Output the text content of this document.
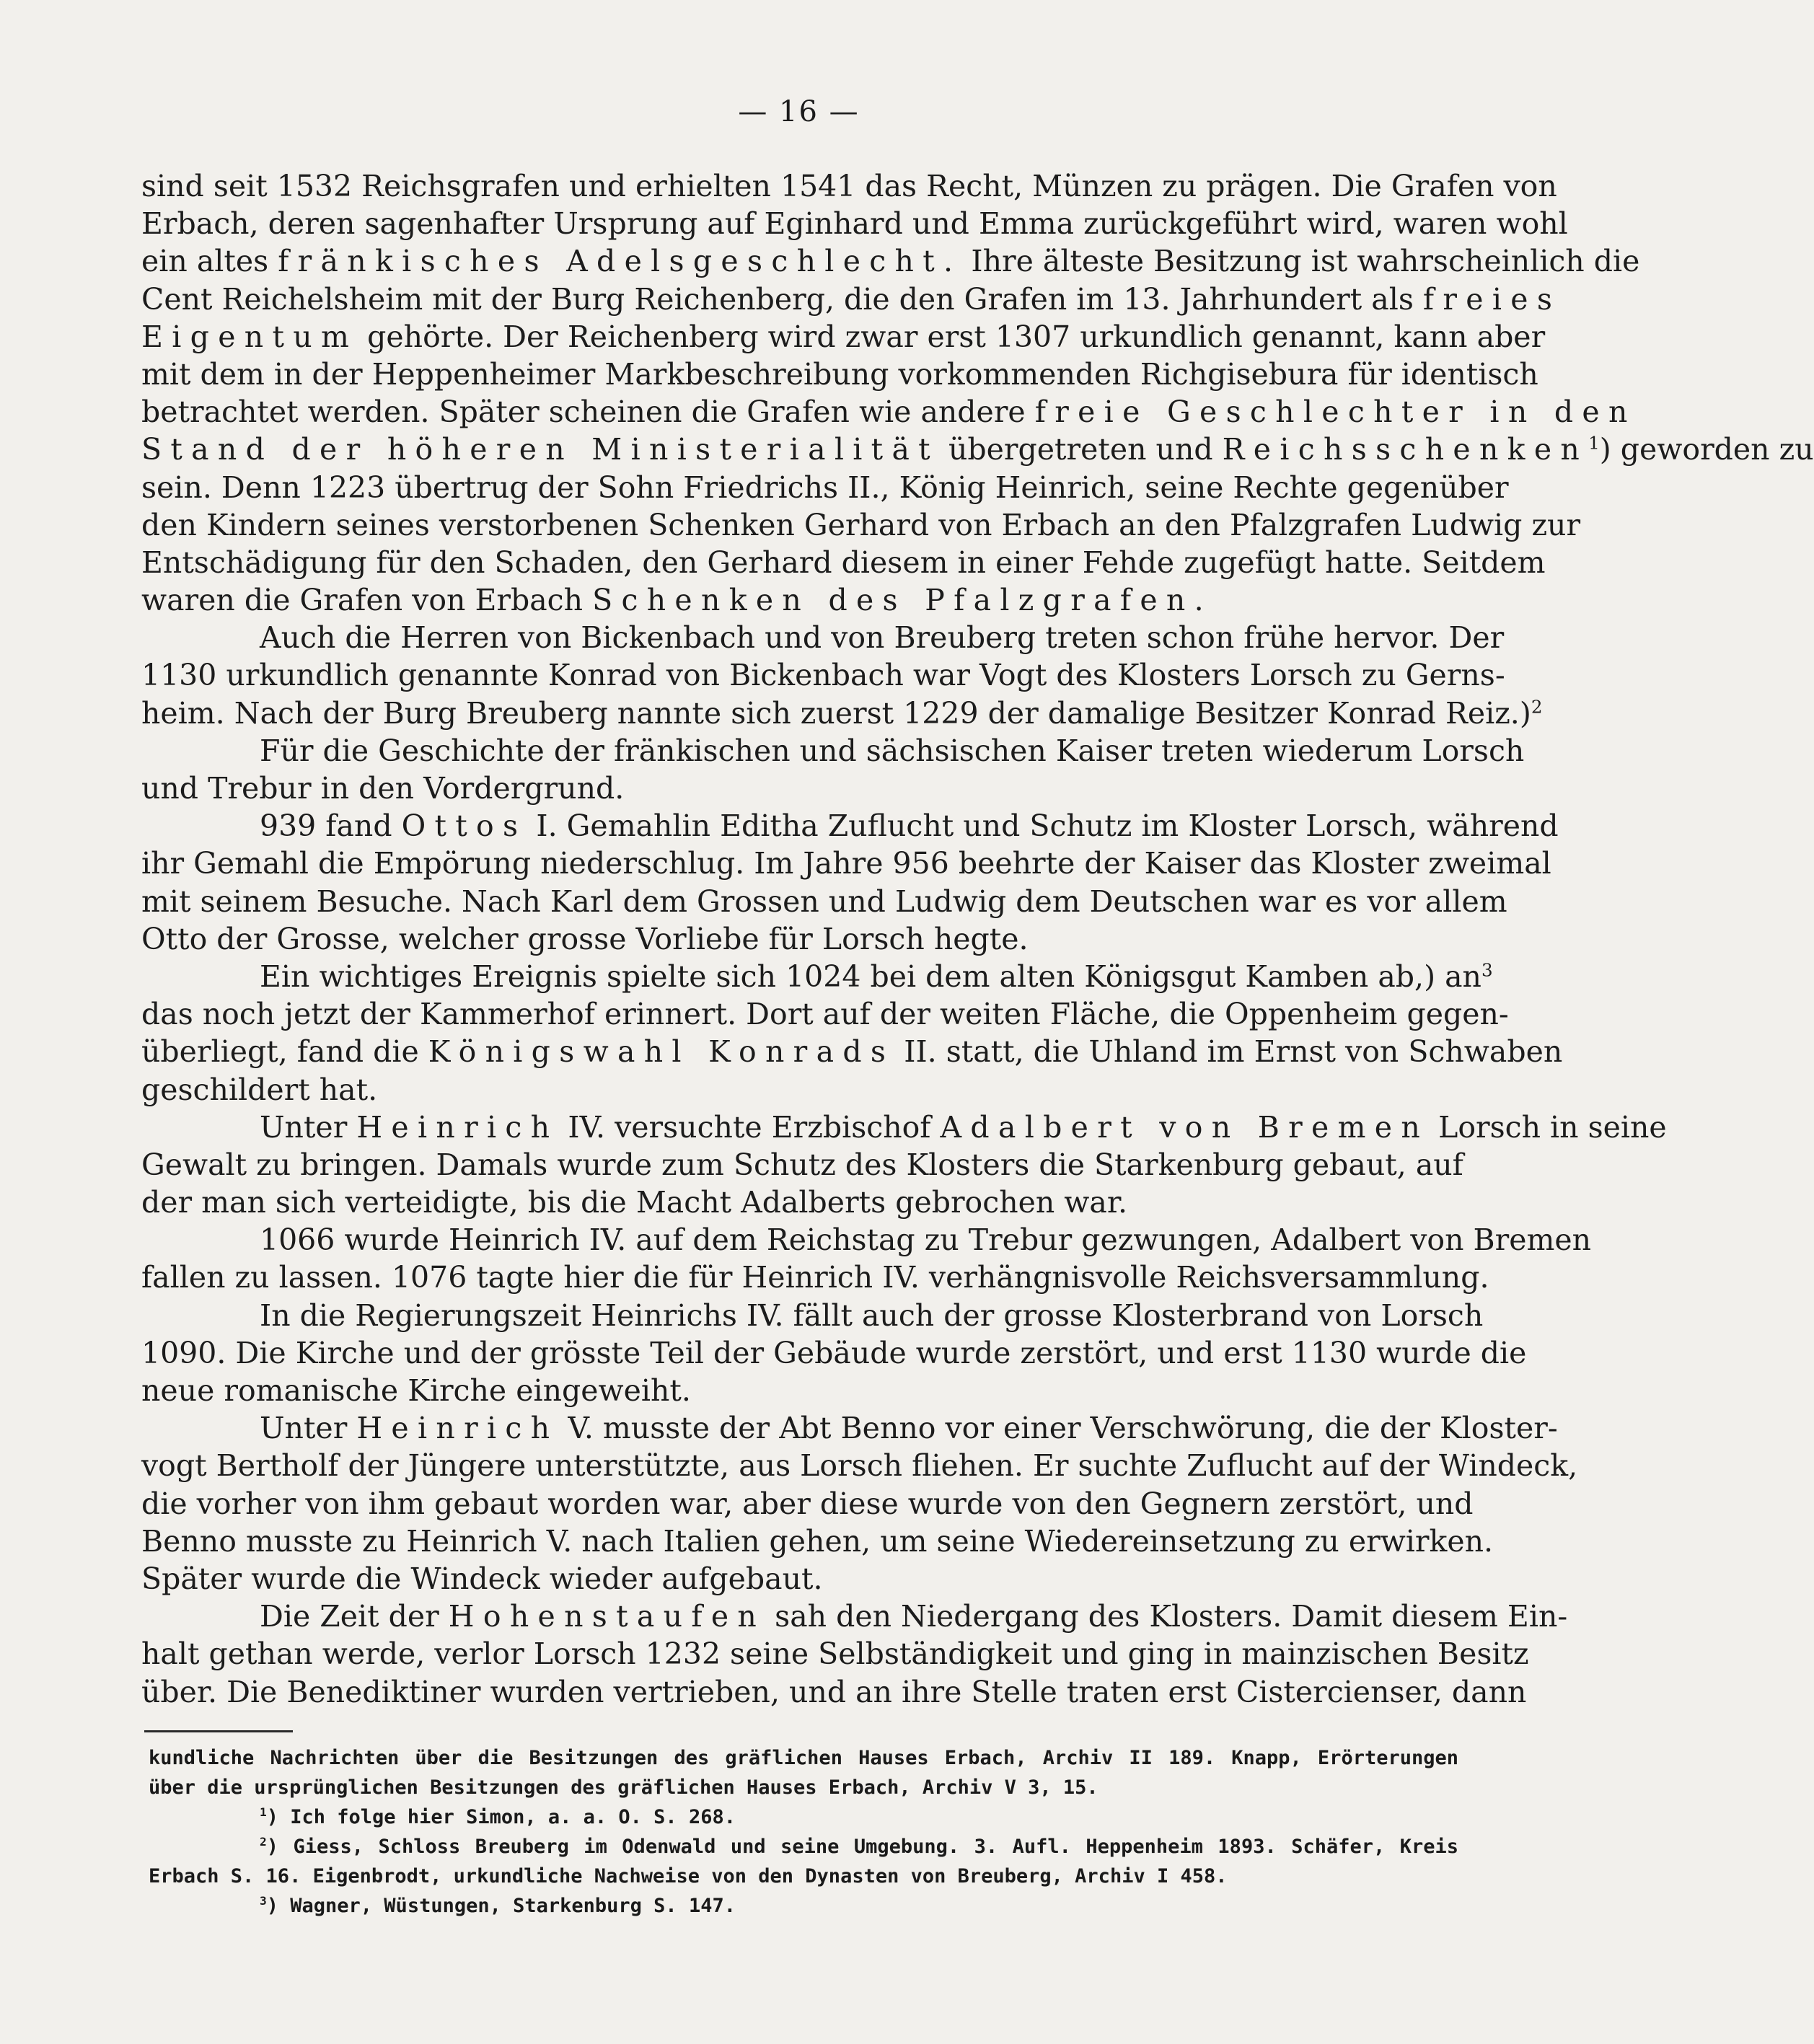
— 16 —
sind seit 1532 Reichsgrafen und erhielten 1541 das Recht, Münzen zu prägen. Die Grafen von
Erbach, deren sagenhafter Ursprung auf Eginhard und Emma zurückgeführt wird, waren wohl
ein altes fränkisches Adelsgeschlecht. Ihre älteste Besitzung ist wahrscheinlich die
Cent Reichelsheim mit der Burg Reichenberg, die den Grafen im 13. Jahrhundert als freies
Eigentum gehörte. Der Reichenberg wird zwar erst 1307 urkundlich genannt, kann aber
mit dem in der Heppenheimer Markbeschreibung vorkommenden Richgisebura für identisch
betrachtet werden. Später scheinen die Grafen wie andere freie Geschlechter in den
Stand der höheren Ministerialität übergetreten und Reichsschenken$^1$) geworden zu
sein. Denn 1223 übertrug der Sohn Friedrichs II., König Heinrich, seine Rechte gegenüber
den Kindern seines verstorbenen Schenken Gerhard von Erbach an den Pfalzgrafen Ludwig zur
Entschädigung für den Schaden, den Gerhard diesem in einer Fehde zugefügt hatte. Seitdem
waren die Grafen von Erbach Schenken des Pfalzgrafen.
Auch die Herren von Bickenbach und von Breuberg treten schon frühe hervor. Der
1130 urkundlich genannte Konrad von Bickenbach war Vogt des Klosters Lorsch zu Gerns-
heim. Nach der Burg Breuberg nannte sich zuerst 1229 der damalige Besitzer Konrad Reiz.)$^2$
Für die Geschichte der fränkischen und sächsischen Kaiser treten wiederum Lorsch
und Trebur in den Vordergrund.
939 fand Ottos I. Gemahlin Editha Zuflucht und Schutz im Kloster Lorsch, während
ihr Gemahl die Empörung niederschlug. Im Jahre 956 beehrte der Kaiser das Kloster zweimal
mit seinem Besuche. Nach Karl dem Grossen und Ludwig dem Deutschen war es vor allem
Otto der Grosse, welcher grosse Vorliebe für Lorsch hegte.
Ein wichtiges Ereignis spielte sich 1024 bei dem alten Königsgut Kamben ab,) $an^3$
das noch jetzt der Kammerhof erinnert. Dort auf der weiten Fläche, die Oppenheim gegen-
überliegt, fand die Königswahl Konrads II. statt, die Uhland im Ernst von Schwaben
geschildert hat.
Unter Heinrich IV. versuchte Erzbischof Adalbert von Bremen Lorsch in seine
Gewalt zu bringen. Damals wurde zum Schutz des Klosters die Starkenburg gebaut, auf
der man sich verteidigte, bis die Macht Adalberts gebrochen war.
1066 wurde Heinrich IV. auf dem Reichstag zu Trebur gezwungen, Adalbert von Bremen
fallen zu lassen. 1076 tagte hier die für Heinrich IV. verhängnisvolle Reichsversammlung.
In die Regierungszeit Heinrichs IV. fällt auch der grosse Klosterbrand von Lorsch
1090. Die Kirche und der grösste Teil der Gebäude wurde zerstört, und erst 1130 wurde die
neue romanische Kirche eingeweiht.
Unter Heinrich V. musste der Abt Benno vor einer Verschwörung, die der Kloster-
vogt Bertholf der Jüngere unterstützte, aus Lorsch fliehen. Er suchte Zuflucht auf der Windeck,
die vorher von ihm gebaut worden war, aber diese wurde von den Gegnern zerstört, und
Benno musste zu Heinrich V. nach Italien gehen, um seine Wiedereinsetzung zu erwirken.
Später wurde die Windeck wieder aufgebaut.
Die Zeit der Hohenstaufen sah den Niedergang des Klosters. Damit diesem Ein-
halt gethan werde, verlor Lorsch 1232 seine Selbständigkeit und ging in mainzischen Besitz
über. Die Benediktiner wurden vertrieben, und an ihre Stelle traten erst Cistercienser, dann
kundliche Nachrichten über die Besitzungen des gräflichen Hauses Erbach, Archiv II 189. Knapp, Erörterungen
über die ursprünglichen Besitzungen des gräflichen Hauses Erbach, Archiv V 3, 15.
$^1$) Ich folge hier Simon, a. a. O. S. 268.
$^2$) Giess, Schloss Breuberg im Odenwald und seine Umgebung. 3. Aufl. Heppenheim 1893. Schäfer, Kreis
Erbach S. 16. Eigenbrodt, urkundliche Nachweise von den Dynasten von Breuberg, Archiv I 458.
$^3$) Wagner, Wüstungen, Starkenburg S. 147.
